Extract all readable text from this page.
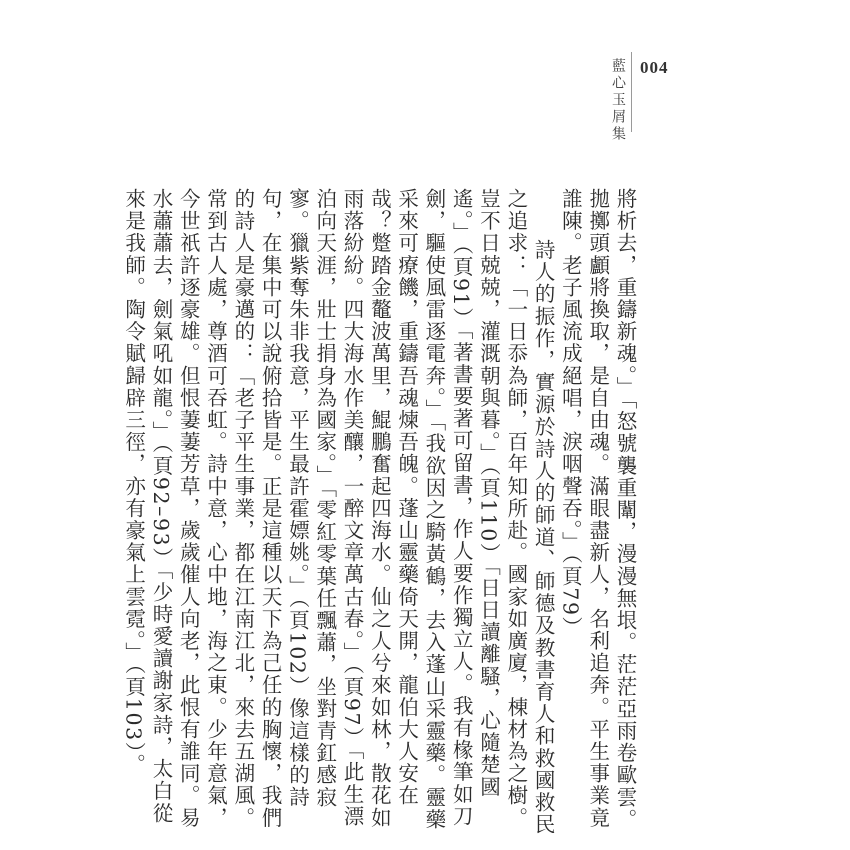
藍心玉屑集 004

將析去，重鑄新魂。」「怒號襲重闈，漫漫無垠。茫茫亞雨卷歐雲。拋擲頭顱將換取，是自由魂。滿眼盡新人，名利追奔。平生事業竟誰陳。老子風流成絕唱，淚咽聲吞。」（頁79）

詩人的振作，實源於詩人的師道、師德及教書育人和救國救民之追求：「一日忝為師，百年知所赴。國家如廣廈，棟材為之樹。豈不日兢兢，灌溉朝與暮。」（頁110）「日日讀離騷，心隨楚國遙。」（頁91）「著書要著可留書，作人要作獨立人。我有椽筆如刀劍，驅使風雷逐電奔。」「我欲因之騎黃鶴，去入蓬山采靈藥。靈藥采來可療饑，重鑄吾魂煉吾魄。蓬山靈藥倚天開，龍伯大人安在哉？蹩踏金鼇波萬里，鯤鵬奮起四海水。仙之人兮來如林，散花如雨落紛紛。四大海水作美釀，一醉文章萬古春。」（頁97）「此生漂泊向天涯，壯士捐身為國家。」「零紅零葉任飄蕭，坐對青釭感寂寥。獵紫奪朱非我意，平生最許霍嫖姚。」（頁102）像這樣的詩句，在集中可以說俯拾皆是。正是這種以天下為己任的胸懷，我們的詩人是豪邁的：「老子平生事業，都在江南江北，來去五湖風。常到古人處，尊酒可吞虹。詩中意，心中地，海之東。少年意氣，今世祇許逐豪雄。但恨萋萋芳草，歲歲催人向老，此恨有誰同。易水蕭蕭去，劍氣吼如龍。」（頁92–93）「少時愛讀謝家詩，太白從來是我師。陶令賦歸辟三徑，亦有豪氣上雲霓。」（頁103）。
